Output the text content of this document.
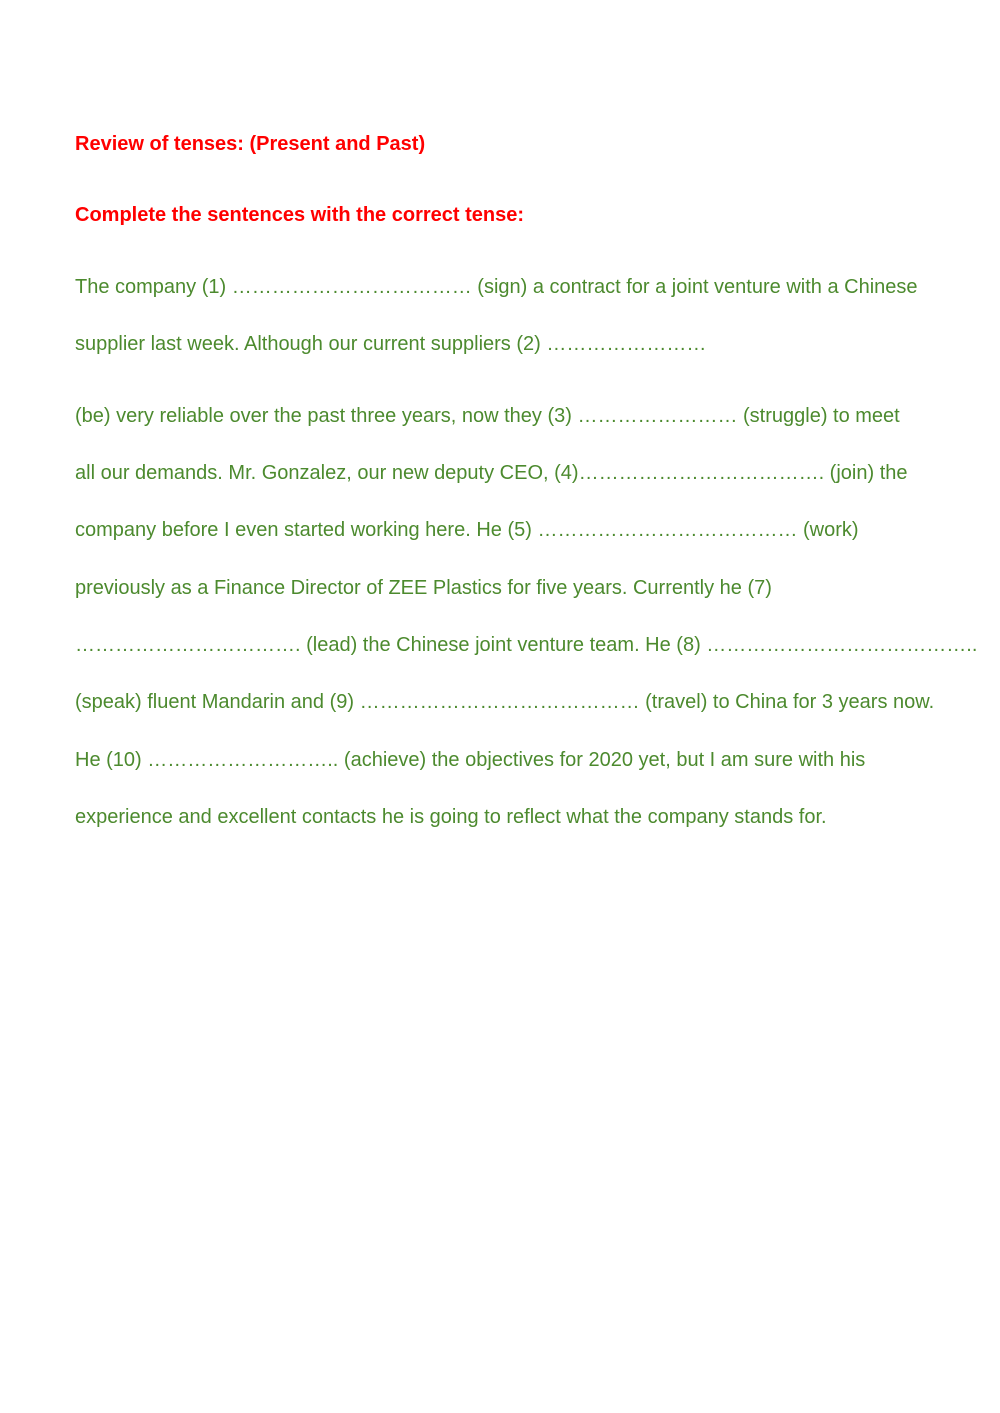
Review of tenses: (Present and Past)
Complete the sentences with the correct tense:
The company (1) ……………………………… (sign) a contract for a joint venture with a Chinese
supplier last week. Although our current suppliers (2) ……………………
(be) very reliable over the past three years, now they (3) …………………… (struggle) to meet
all our demands. Mr. Gonzalez, our new deputy CEO, (4)………………………………. (join) the
company before I even started working here. He (5) ………………………………… (work)
previously as a Finance Director of ZEE Plastics for five years. Currently he (7)
……………………………. (lead) the Chinese joint venture team. He (8) …………………………………..
(speak) fluent Mandarin and (9) …………………………………… (travel) to China for 3 years now.
He (10) ……………………….. (achieve) the objectives for 2020 yet, but I am sure with his
experience and excellent contacts he is going to reflect what the company stands for.
